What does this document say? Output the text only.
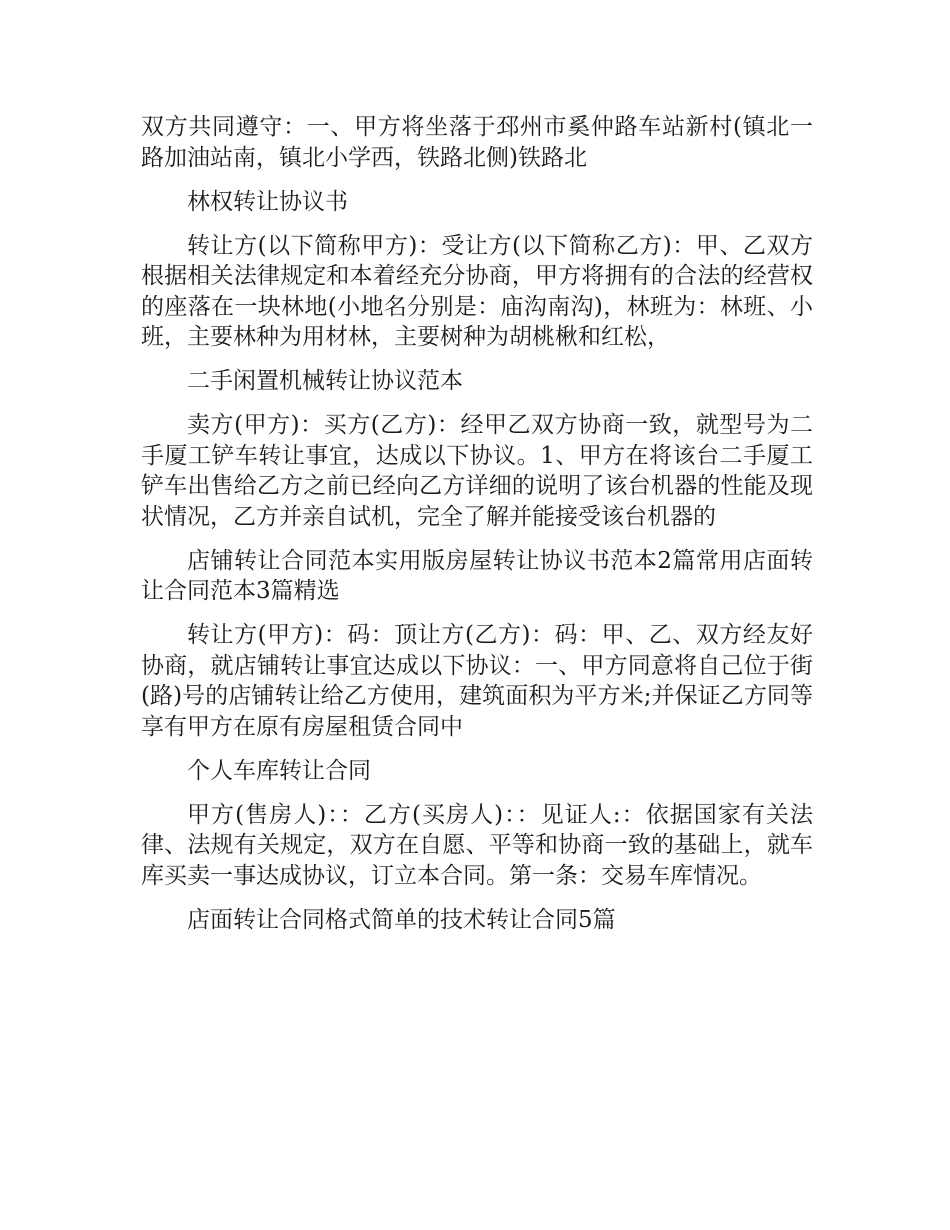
双方共同遵守：一、甲方将坐落于邳州市奚仲路车站新村(镇北一路加油站南，镇北小学西，铁路北侧)铁路北

林权转让协议书

转让方(以下简称甲方)：受让方(以下简称乙方)：甲、乙双方根据相关法律规定和本着经充分协商，甲方将拥有的合法的经营权的座落在一块林地(小地名分别是：庙沟南沟)，林班为：林班、小班，主要林种为用材林，主要树种为胡桃楸和红松，

二手闲置机械转让协议范本

卖方(甲方)：买方(乙方)：经甲乙双方协商一致，就型号为二手厦工铲车转让事宜，达成以下协议。1、甲方在将该台二手厦工铲车出售给乙方之前已经向乙方详细的说明了该台机器的性能及现状情况，乙方并亲自试机，完全了解并能接受该台机器的

店铺转让合同范本实用版房屋转让协议书范本2篇常用店面转让合同范本3篇精选

转让方(甲方)：码：顶让方(乙方)：码：甲、乙、双方经友好协商，就店铺转让事宜达成以下协议：一、甲方同意将自己位于街(路)号的店铺转让给乙方使用，建筑面积为平方米;并保证乙方同等享有甲方在原有房屋租赁合同中

个人车库转让合同

甲方(售房人)：：乙方(买房人)：：见证人:：依据国家有关法律、法规有关规定，双方在自愿、平等和协商一致的基础上，就车库买卖一事达成协议，订立本合同。第一条：交易车库情况。

店面转让合同格式简单的技术转让合同5篇
